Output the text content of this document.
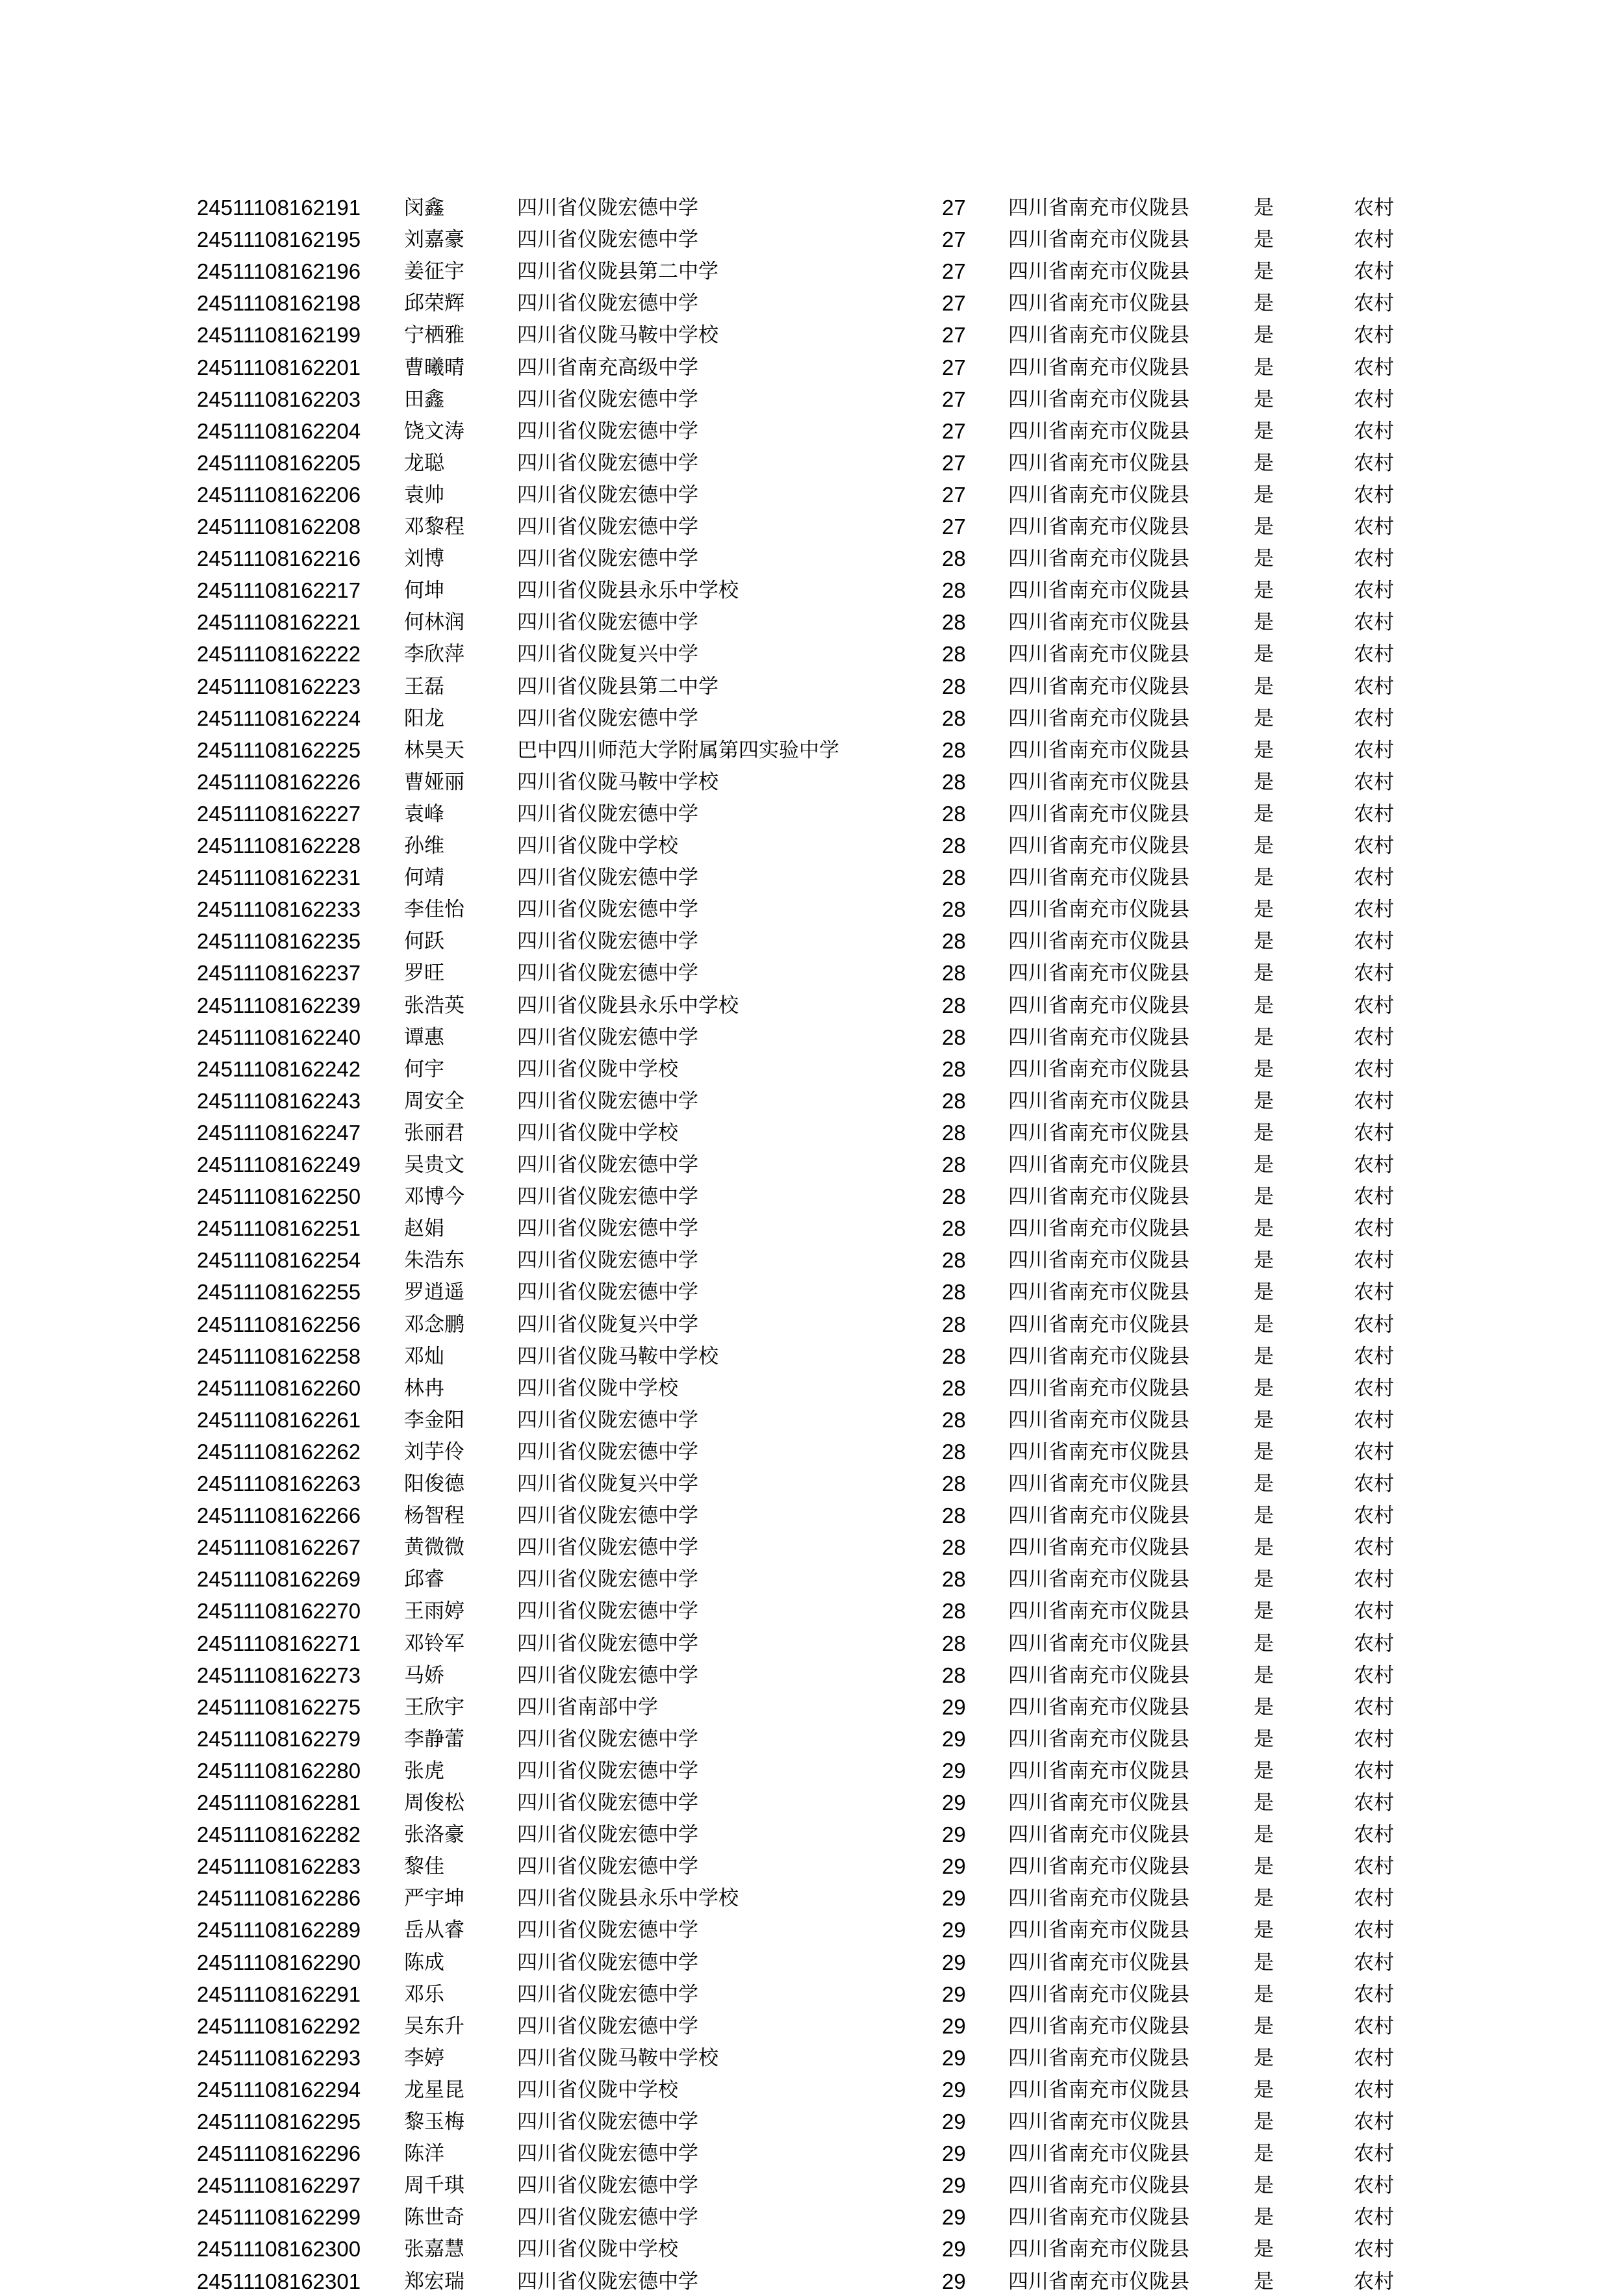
24511108162191 闵鑫	四川省仪陇宏德中学	27 四川省南充市仪陇县	是	农村
24511108162195 刘嘉豪	四川省仪陇宏德中学	27 四川省南充市仪陇县	是	农村
24511108162196 姜征宇	四川省仪陇县第二中学	27 四川省南充市仪陇县	是	农村
24511108162198 邱荣辉	四川省仪陇宏德中学	27 四川省南充市仪陇县	是	农村
24511108162199 宁栖雅	四川省仪陇马鞍中学校	27 四川省南充市仪陇县	是	农村
24511108162201 曹曦晴	四川省南充高级中学	27 四川省南充市仪陇县	是	农村
24511108162203 田鑫	四川省仪陇宏德中学	27 四川省南充市仪陇县	是	农村
24511108162204 饶文涛	四川省仪陇宏德中学	27 四川省南充市仪陇县	是	农村
24511108162205 龙聪	四川省仪陇宏德中学	27 四川省南充市仪陇县	是	农村
24511108162206 袁帅	四川省仪陇宏德中学	27 四川省南充市仪陇县	是	农村
24511108162208 邓黎程	四川省仪陇宏德中学	27 四川省南充市仪陇县	是	农村
24511108162216 刘博	四川省仪陇宏德中学	28 四川省南充市仪陇县	是	农村
24511108162217 何坤	四川省仪陇县永乐中学校	28 四川省南充市仪陇县	是	农村
24511108162221 何林润	四川省仪陇宏德中学	28 四川省南充市仪陇县	是	农村
24511108162222 李欣萍	四川省仪陇复兴中学	28 四川省南充市仪陇县	是	农村
24511108162223 王磊	四川省仪陇县第二中学	28 四川省南充市仪陇县	是	农村
24511108162224 阳龙	四川省仪陇宏德中学	28 四川省南充市仪陇县	是	农村
24511108162225 林昊天	巴中四川师范大学附属第四实验中学	28 四川省南充市仪陇县	是	农村
24511108162226 曹娅丽	四川省仪陇马鞍中学校	28 四川省南充市仪陇县	是	农村
24511108162227 袁峰	四川省仪陇宏德中学	28 四川省南充市仪陇县	是	农村
24511108162228 孙维	四川省仪陇中学校	28 四川省南充市仪陇县	是	农村
24511108162231 何靖	四川省仪陇宏德中学	28 四川省南充市仪陇县	是	农村
24511108162233 李佳怡	四川省仪陇宏德中学	28 四川省南充市仪陇县	是	农村
24511108162235 何跃	四川省仪陇宏德中学	28 四川省南充市仪陇县	是	农村
24511108162237 罗旺	四川省仪陇宏德中学	28 四川省南充市仪陇县	是	农村
24511108162239 张浩英	四川省仪陇县永乐中学校	28 四川省南充市仪陇县	是	农村
24511108162240 谭惠	四川省仪陇宏德中学	28 四川省南充市仪陇县	是	农村
24511108162242 何宇	四川省仪陇中学校	28 四川省南充市仪陇县	是	农村
24511108162243 周安全	四川省仪陇宏德中学	28 四川省南充市仪陇县	是	农村
24511108162247 张丽君	四川省仪陇中学校	28 四川省南充市仪陇县	是	农村
24511108162249 吴贵文	四川省仪陇宏德中学	28 四川省南充市仪陇县	是	农村
24511108162250 邓博今	四川省仪陇宏德中学	28 四川省南充市仪陇县	是	农村
24511108162251 赵娟	四川省仪陇宏德中学	28 四川省南充市仪陇县	是	农村
24511108162254 朱浩东	四川省仪陇宏德中学	28 四川省南充市仪陇县	是	农村
24511108162255 罗逍遥	四川省仪陇宏德中学	28 四川省南充市仪陇县	是	农村
24511108162256 邓念鹏	四川省仪陇复兴中学	28 四川省南充市仪陇县	是	农村
24511108162258 邓灿	四川省仪陇马鞍中学校	28 四川省南充市仪陇县	是	农村
24511108162260 林冉	四川省仪陇中学校	28 四川省南充市仪陇县	是	农村
24511108162261 李金阳	四川省仪陇宏德中学	28 四川省南充市仪陇县	是	农村
24511108162262 刘芋伶	四川省仪陇宏德中学	28 四川省南充市仪陇县	是	农村
24511108162263 阳俊德	四川省仪陇复兴中学	28 四川省南充市仪陇县	是	农村
24511108162266 杨智程	四川省仪陇宏德中学	28 四川省南充市仪陇县	是	农村
24511108162267 黄微微	四川省仪陇宏德中学	28 四川省南充市仪陇县	是	农村
24511108162269 邱睿	四川省仪陇宏德中学	28 四川省南充市仪陇县	是	农村
24511108162270 王雨婷	四川省仪陇宏德中学	28 四川省南充市仪陇县	是	农村
24511108162271 邓铃军	四川省仪陇宏德中学	28 四川省南充市仪陇县	是	农村
24511108162273 马娇	四川省仪陇宏德中学	28 四川省南充市仪陇县	是	农村
24511108162275 王欣宇	四川省南部中学	29 四川省南充市仪陇县	是	农村
24511108162279 李静蕾	四川省仪陇宏德中学	29 四川省南充市仪陇县	是	农村
24511108162280 张虎	四川省仪陇宏德中学	29 四川省南充市仪陇县	是	农村
24511108162281 周俊松	四川省仪陇宏德中学	29 四川省南充市仪陇县	是	农村
24511108162282 张洛豪	四川省仪陇宏德中学	29 四川省南充市仪陇县	是	农村
24511108162283 黎佳	四川省仪陇宏德中学	29 四川省南充市仪陇县	是	农村
24511108162286 严宇坤	四川省仪陇县永乐中学校	29 四川省南充市仪陇县	是	农村
24511108162289 岳从睿	四川省仪陇宏德中学	29 四川省南充市仪陇县	是	农村
24511108162290 陈成	四川省仪陇宏德中学	29 四川省南充市仪陇县	是	农村
24511108162291 邓乐	四川省仪陇宏德中学	29 四川省南充市仪陇县	是	农村
24511108162292 吴东升	四川省仪陇宏德中学	29 四川省南充市仪陇县	是	农村
24511108162293 李婷	四川省仪陇马鞍中学校	29 四川省南充市仪陇县	是	农村
24511108162294 龙星昆	四川省仪陇中学校	29 四川省南充市仪陇县	是	农村
24511108162295 黎玉梅	四川省仪陇宏德中学	29 四川省南充市仪陇县	是	农村
24511108162296 陈洋	四川省仪陇宏德中学	29 四川省南充市仪陇县	是	农村
24511108162297 周千琪	四川省仪陇宏德中学	29 四川省南充市仪陇县	是	农村
24511108162299 陈世奇	四川省仪陇宏德中学	29 四川省南充市仪陇县	是	农村
24511108162300 张嘉慧	四川省仪陇中学校	29 四川省南充市仪陇县	是	农村
24511108162301 郑宏瑞	四川省仪陇宏德中学	29 四川省南充市仪陇县	是	农村
